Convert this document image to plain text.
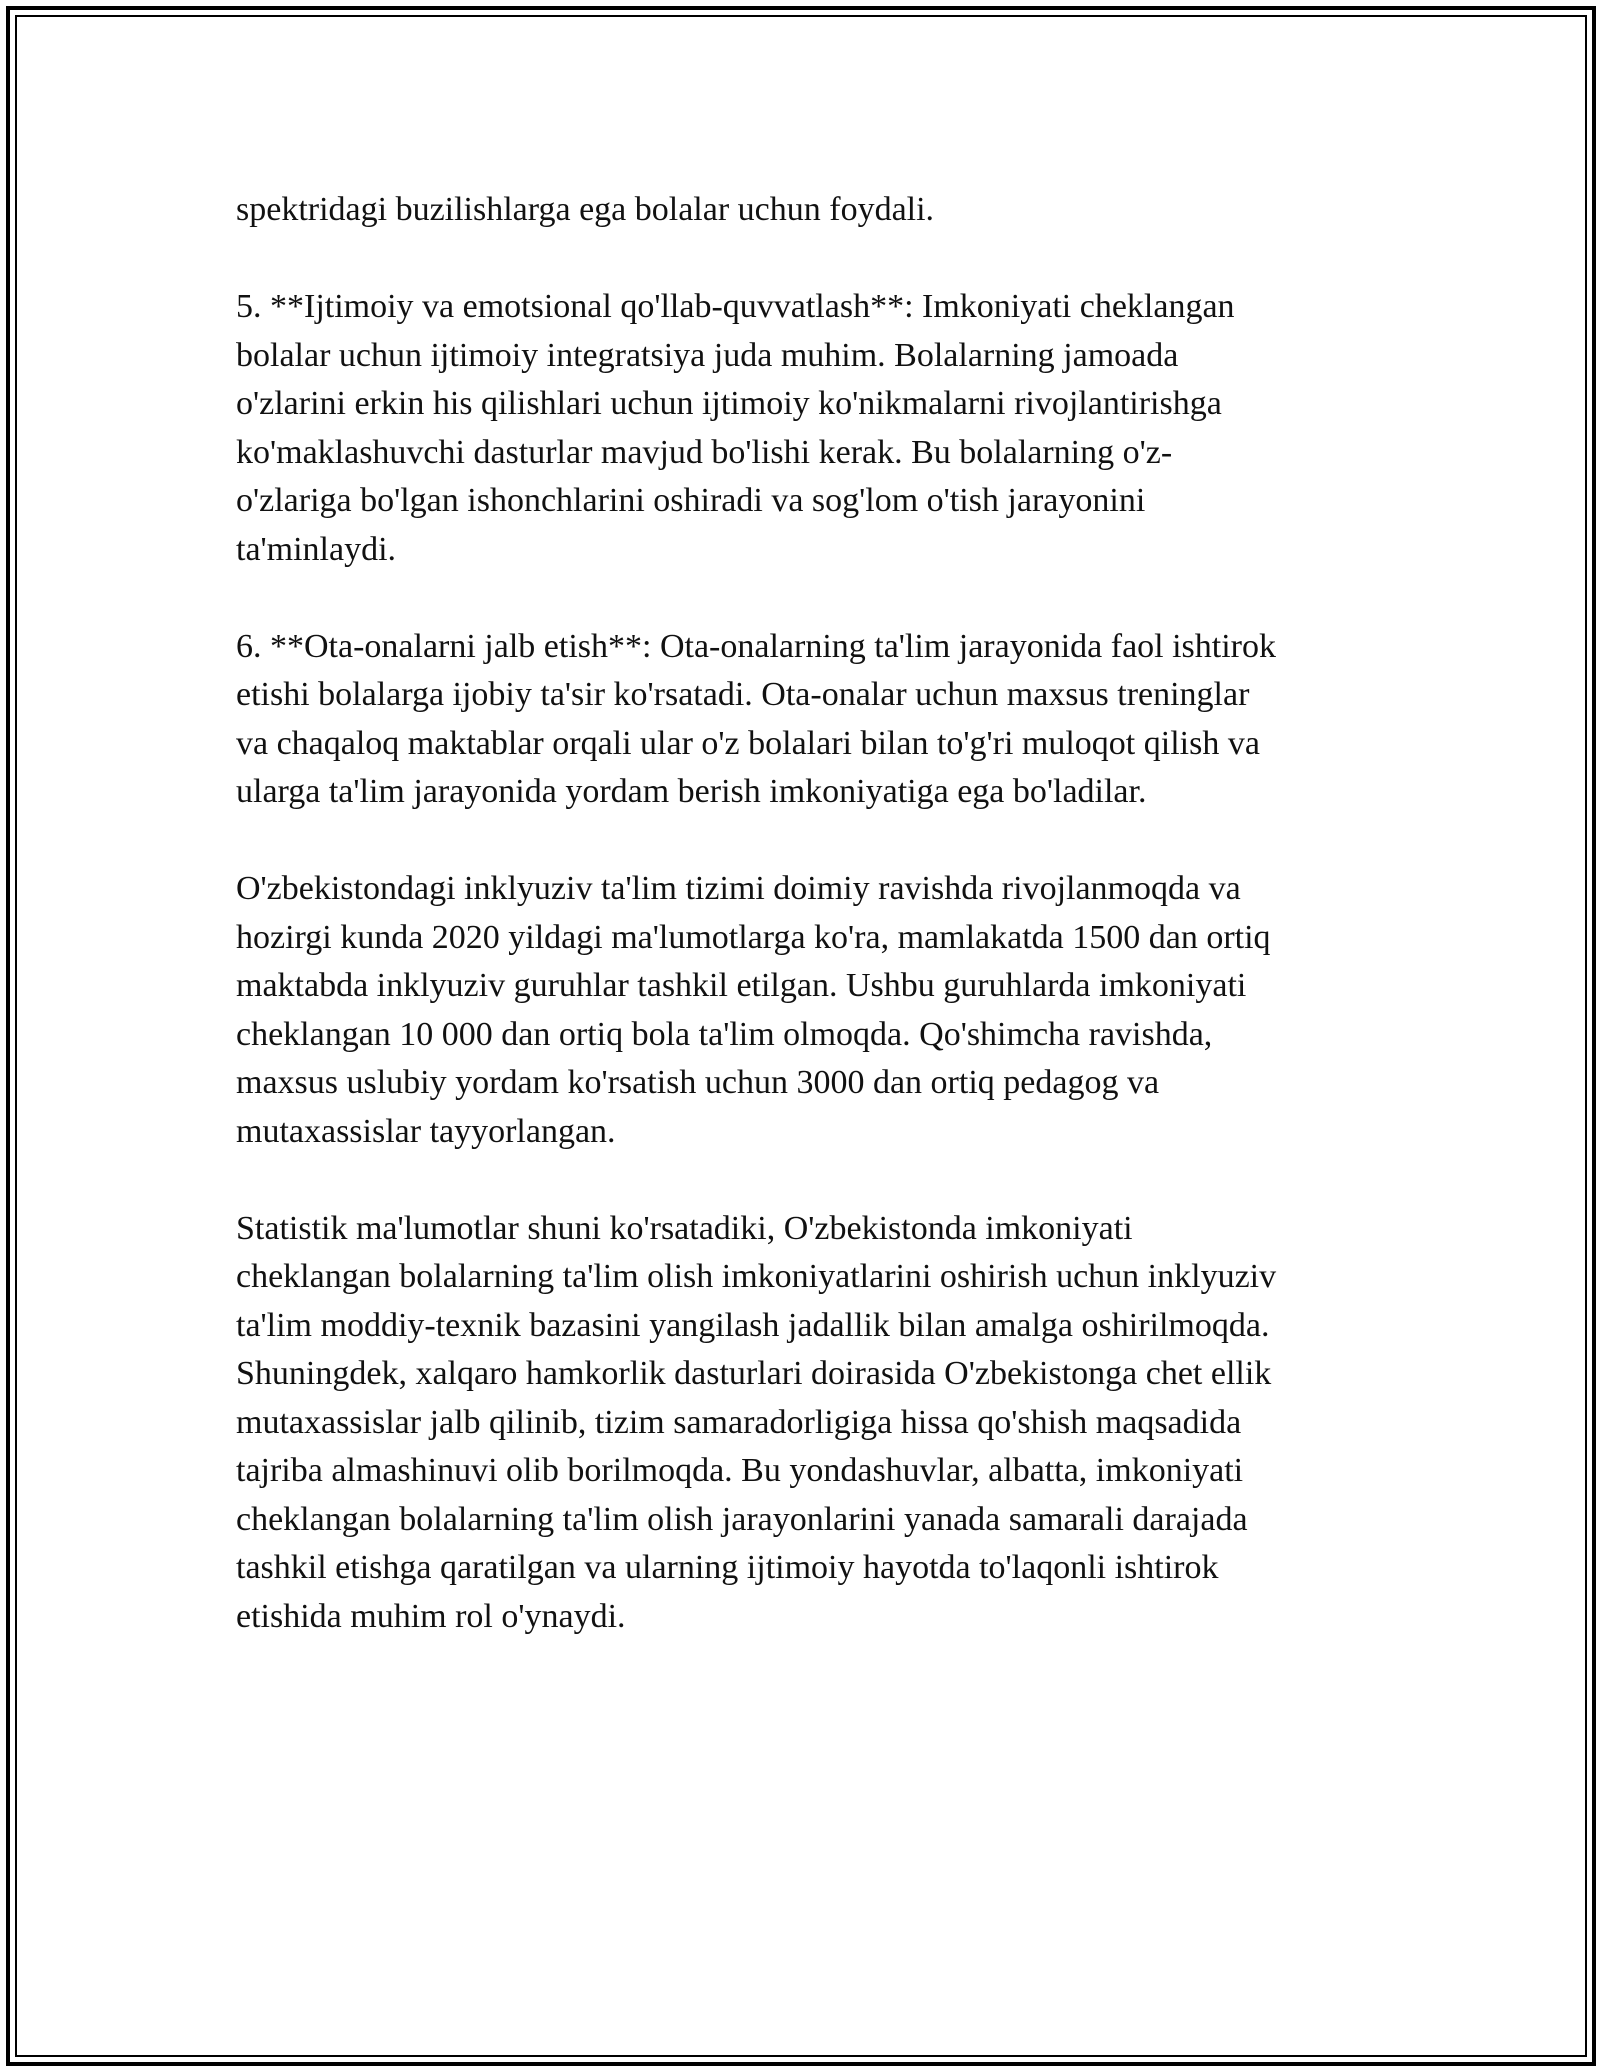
spektridagi buzilishlarga ega bolalar uchun foydali.

5. **Ijtimoiy va emotsional qo'llab-quvvatlash**: Imkoniyati cheklangan
bolalar uchun ijtimoiy integratsiya juda muhim. Bolalarning jamoada
o'zlarini erkin his qilishlari uchun ijtimoiy ko'nikmalarni rivojlantirishga
ko'maklashuvchi dasturlar mavjud bo'lishi kerak. Bu bolalarning o'z-
o'zlariga bo'lgan ishonchlarini oshiradi va sog'lom o'tish jarayonini
ta'minlaydi.

6. **Ota-onalarni jalb etish**: Ota-onalarning ta'lim jarayonida faol ishtirok
etishi bolalarga ijobiy ta'sir ko'rsatadi. Ota-onalar uchun maxsus treninglar
va chaqaloq maktablar orqali ular o'z bolalari bilan to'g'ri muloqot qilish va
ularga ta'lim jarayonida yordam berish imkoniyatiga ega bo'ladilar.

O'zbekistondagi inklyuziv ta'lim tizimi doimiy ravishda rivojlanmoqda va
hozirgi kunda 2020 yildagi ma'lumotlarga ko'ra, mamlakatda 1500 dan ortiq
maktabda inklyuziv guruhlar tashkil etilgan. Ushbu guruhlarda imkoniyati
cheklangan 10 000 dan ortiq bola ta'lim olmoqda. Qo'shimcha ravishda,
maxsus uslubiy yordam ko'rsatish uchun 3000 dan ortiq pedagog va
mutaxassislar tayyorlangan.

Statistik ma'lumotlar shuni ko'rsatadiki, O'zbekistonda imkoniyati
cheklangan bolalarning ta'lim olish imkoniyatlarini oshirish uchun inklyuziv
ta'lim moddiy-texnik bazasini yangilash jadallik bilan amalga oshirilmoqda.
Shuningdek, xalqaro hamkorlik dasturlari doirasida O'zbekistonga chet ellik
mutaxassislar jalb qilinib, tizim samaradorligiga hissa qo'shish maqsadida
tajriba almashinuvi olib borilmoqda. Bu yondashuvlar, albatta, imkoniyati
cheklangan bolalarning ta'lim olish jarayonlarini yanada samarali darajada
tashkil etishga qaratilgan va ularning ijtimoiy hayotda to'laqonli ishtirok
etishida muhim rol o'ynaydi.
